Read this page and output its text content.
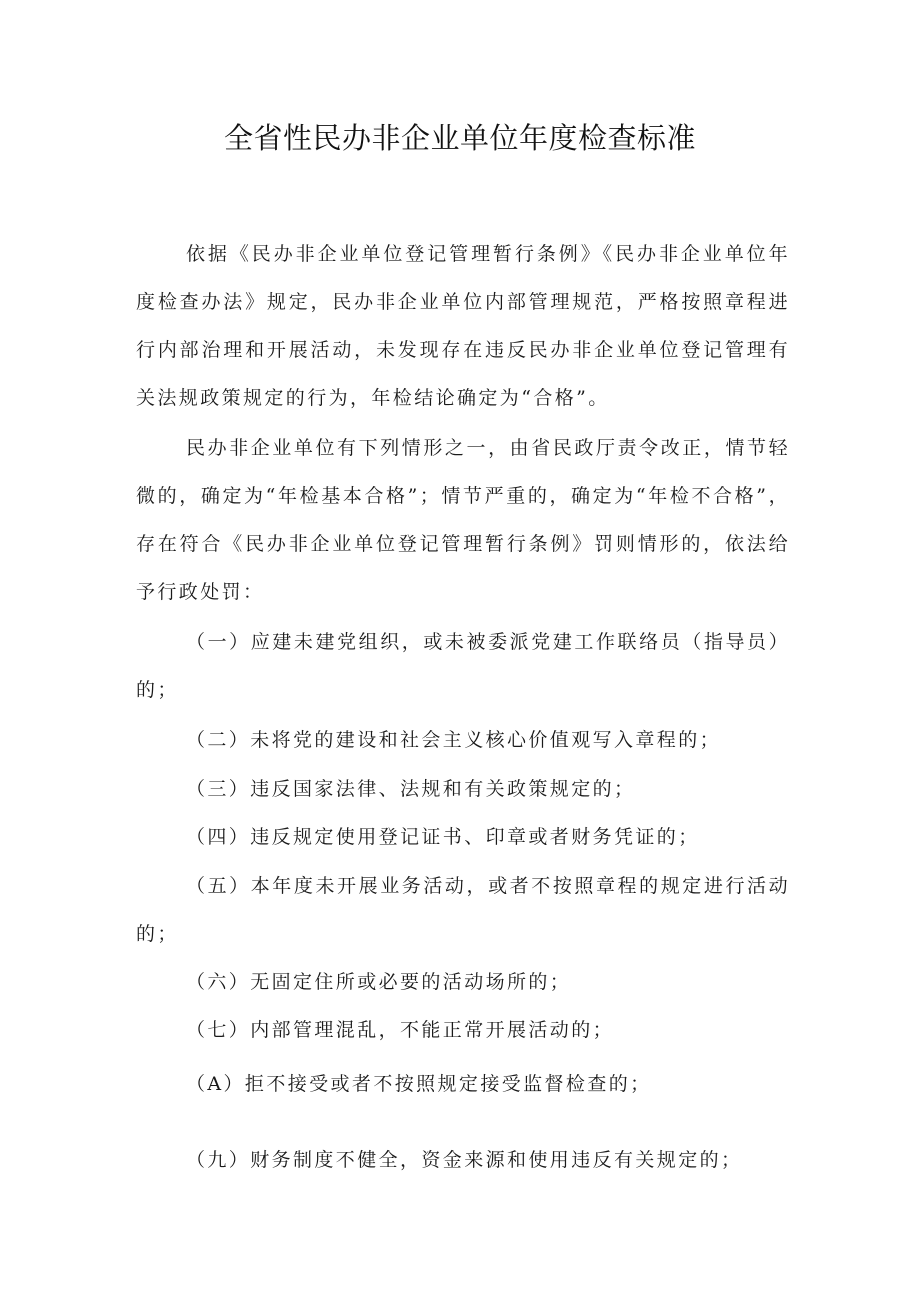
全省性民办非企业单位年度检查标准

依据《民办非企业单位登记管理暂行条例》《民办非企业单位年度检查办法》规定，民办非企业单位内部管理规范，严格按照章程进行内部治理和开展活动，未发现存在违反民办非企业单位登记管理有关法规政策规定的行为，年检结论确定为“合格”。

民办非企业单位有下列情形之一，由省民政厅责令改正，情节轻微的，确定为“年检基本合格”；情节严重的，确定为“年检不合格”，存在符合《民办非企业单位登记管理暂行条例》罚则情形的，依法给予行政处罚：

（一）应建未建党组织，或未被委派党建工作联络员（指导员）的；

（二）未将党的建设和社会主义核心价值观写入章程的；

（三）违反国家法律、法规和有关政策规定的；

（四）违反规定使用登记证书、印章或者财务凭证的；

（五）本年度未开展业务活动，或者不按照章程的规定进行活动的；

（六）无固定住所或必要的活动场所的；

（七）内部管理混乱，不能正常开展活动的；

（A）拒不接受或者不按照规定接受监督检查的；

（九）财务制度不健全，资金来源和使用违反有关规定的；
